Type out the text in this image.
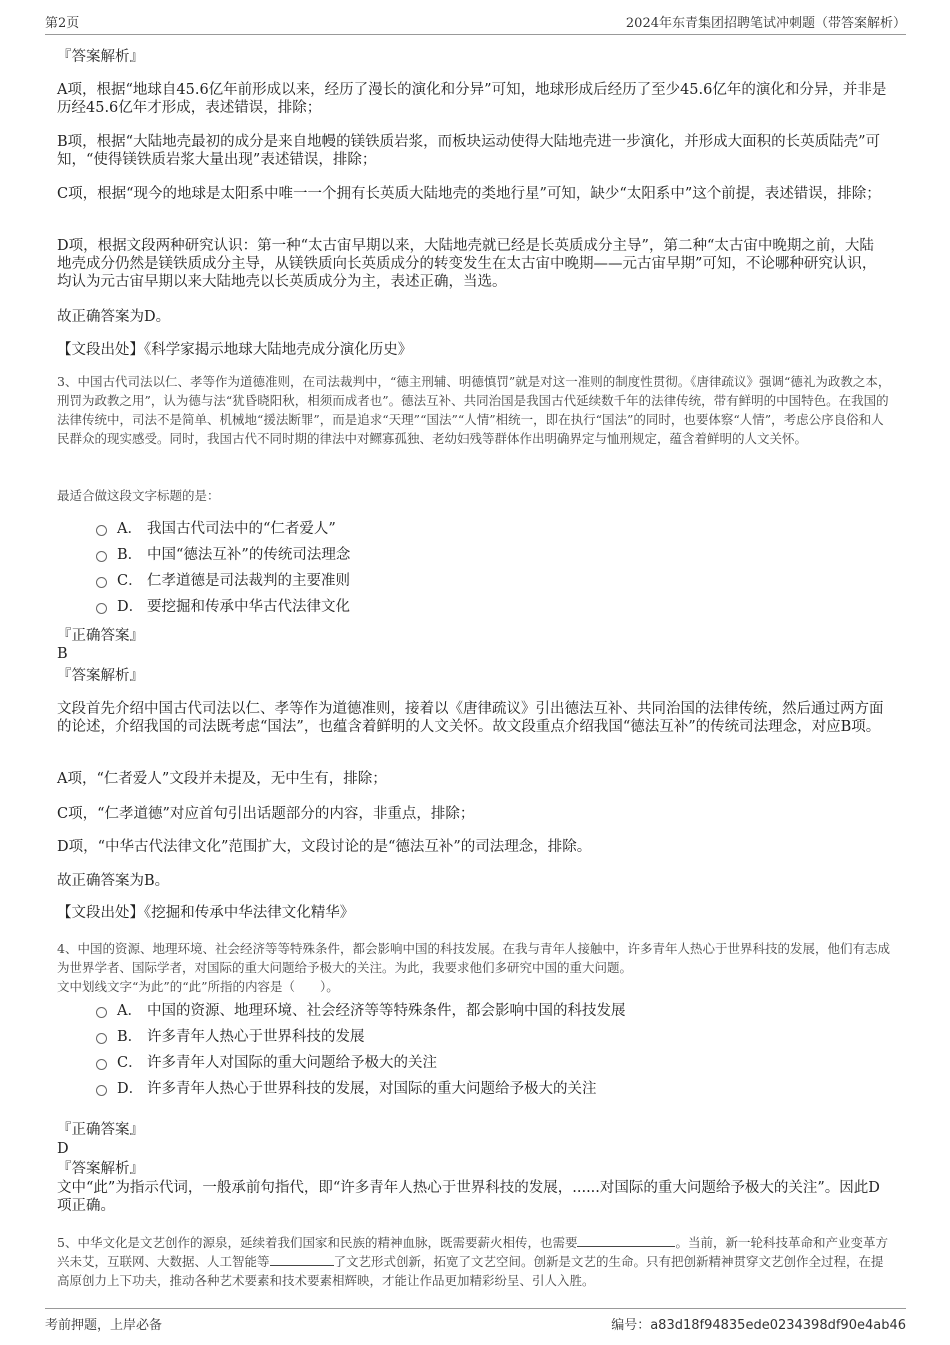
第2页	2024年东青集团招聘笔试冲刺题（带答案解析）
『答案解析』
A项，根据“地球自45.6亿年前形成以来，经历了漫长的演化和分异”可知，地球形成后经历了至少45.6亿年的演化和分异，并非是历经45.6亿年才形成，表述错误，排除；
B项，根据“大陆地壳最初的成分是来自地幔的镁铁质岩浆，而板块运动使得大陆地壳进一步演化，并形成大面积的长英质陆壳”可知，“使得镁铁质岩浆大量出现”表述错误，排除；
C项，根据“现今的地球是太阳系中唯一一个拥有长英质大陆地壳的类地行星”可知，缺少“太阳系中”这个前提，表述错误，排除；
D项，根据文段两种研究认识：第一种“太古宙早期以来，大陆地壳就已经是长英质成分主导”，第二种“太古宙中晚期之前，大陆地壳成分仍然是镁铁质成分主导，从镁铁质向长英质成分的转变发生在太古宙中晚期——元古宙早期”可知，不论哪种研究认识，均认为元古宙早期以来大陆地壳以长英质成分为主，表述正确，当选。
故正确答案为D。
【文段出处】《科学家揭示地球大陆地壳成分演化历史》
3、中国古代司法以仁、孝等作为道德准则，在司法裁判中，“德主刑辅、明德慎罚”就是对这一准则的制度性贯彻。《唐律疏议》强调“德礼为政教之本，刑罚为政教之用”，认为德与法“犹昏晓阳秋，相须而成者也”。德法互补、共同治国是我国古代延续数千年的法律传统，带有鲜明的中国特色。在我国的法律传统中，司法不是简单、机械地“援法断罪”，而是追求“天理”“国法”“人情”相统一，即在执行“国法”的同时，也要体察“人情”，考虑公序良俗和人民群众的现实感受。同时，我国古代不同时期的律法中对鳏寡孤独、老幼妇残等群体作出明确界定与恤刑规定，蕴含着鲜明的人文关怀。
最适合做这段文字标题的是：
A． 我国古代司法中的“仁者爱人”
B． 中国“德法互补”的传统司法理念
C． 仁孝道德是司法裁判的主要准则
D． 要挖掘和传承中华古代法律文化
『正确答案』
B
『答案解析』
文段首先介绍中国古代司法以仁、孝等作为道德准则，接着以《唐律疏议》引出德法互补、共同治国的法律传统，然后通过两方面的论述，介绍我国的司法既考虑“国法”，也蕴含着鲜明的人文关怀。故文段重点介绍我国“德法互补”的传统司法理念，对应B项。
A项，“仁者爱人”文段并未提及，无中生有，排除；
C项，“仁孝道德”对应首句引出话题部分的内容，非重点，排除；
D项，“中华古代法律文化”范围扩大，文段讨论的是“德法互补”的司法理念，排除。
故正确答案为B。
【文段出处】《挖掘和传承中华法律文化精华》
4、中国的资源、地理环境、社会经济等等特殊条件，都会影响中国的科技发展。在我与青年人接触中，许多青年人热心于世界科技的发展，他们有志成为世界学者、国际学者，对国际的重大问题给予极大的关注。为此，我要求他们多研究中国的重大问题。
文中划线文字“为此”的“此”所指的内容是（　　）。
A． 中国的资源、地理环境、社会经济等等特殊条件，都会影响中国的科技发展
B． 许多青年人热心于世界科技的发展
C． 许多青年人对国际的重大问题给予极大的关注
D． 许多青年人热心于世界科技的发展，对国际的重大问题给予极大的关注
『正确答案』
D
『答案解析』
文中“此”为指示代词，一般承前句指代，即“许多青年人热心于世界科技的发展，......对国际的重大问题给予极大的关注”。因此D项正确。
5、中华文化是文艺创作的源泉，延续着我们国家和民族的精神血脉，既需要薪火相传，也需要	。当前，新一轮科技革命和产业变革方兴未艾，互联网、大数据、人工智能等	了文艺形式创新，拓宽了文艺空间。创新是文艺的生命。只有把创新精神贯穿文艺创作全过程，在提高原创力上下功夫，推动各种艺术要素和技术要素相辉映，才能让作品更加精彩纷呈、引人入胜。
考前押题，上岸必备	编号：a83d18f94835ede0234398df90e4ab46
